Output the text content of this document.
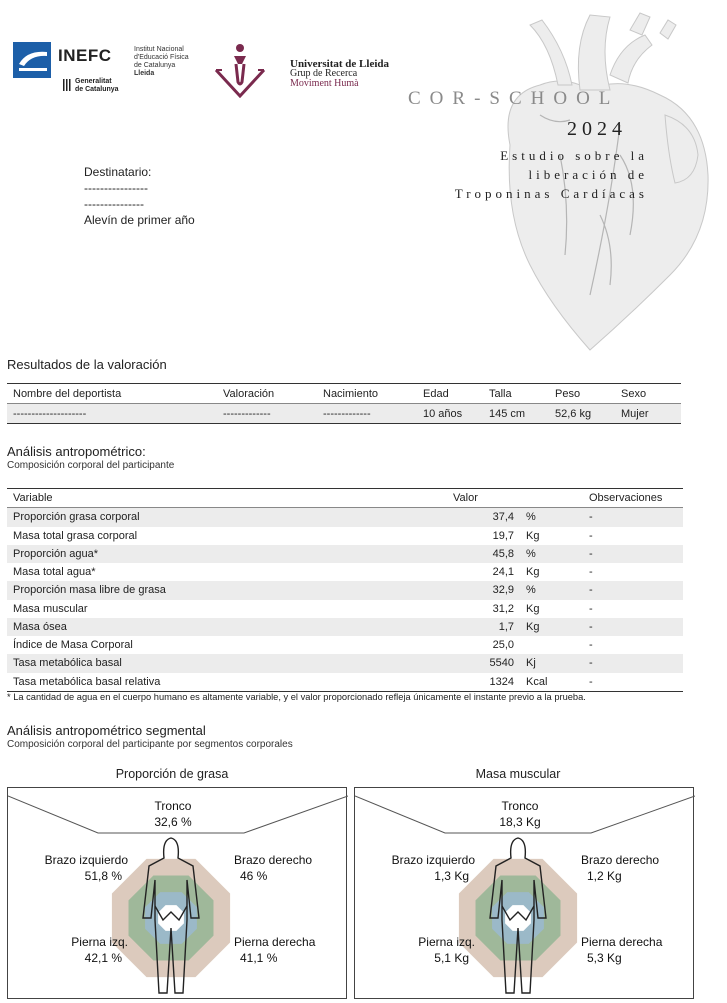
INEFC	Institut Nacional
d'Educació Física
de Catalunya
Lleida
Generalitat
de Catalunya
Universitat de Lleida
Grup de Recerca
Moviment Humà
COR-SCHOOL
2024
Estudio sobre la
liberación de
Troponinas Cardíacas
Destinatario:
----------------
---------------
Alevín de primer año
Resultados de la valoración
Nombre del deportista	Valoración	Nacimiento	Edad	Talla	Peso	Sexo
--------------------	-------------	-------------	10 años	145 cm	52,6 kg	Mujer
Análisis antropométrico:
Composición corporal del participante
Variable	Valor		Observaciones
Proporción grasa corporal	37,4	%	-
Masa total grasa corporal	19,7	Kg	-
Proporción agua*	45,8	%	-
Masa total agua*	24,1	Kg	-
Proporción masa libre de grasa	32,9	%	-
Masa muscular	31,2	Kg	-
Masa ósea	1,7	Kg	-
Índice de Masa Corporal	25,0		-
Tasa metabólica basal	5540	Kj	-
Tasa metabólica basal relativa	1324	Kcal	-
* La cantidad de agua en el cuerpo humano es altamente variable, y el valor proporcionado refleja únicamente el instante previo a la prueba.
Análisis antropométrico segmental
Composición corporal del participante por segmentos corporales
Proporción de grasa	Masa muscular
Tronco
32,6 %
Brazo izquierdo
51,8 %
Brazo derecho
46 %
Pierna izq.
42,1 %
Pierna derecha
41,1 %
Tronco
18,3 Kg
Brazo izquierdo
1,3 Kg
Brazo derecho
1,2 Kg
Pierna izq.
5,1 Kg
Pierna derecha
5,3 Kg
